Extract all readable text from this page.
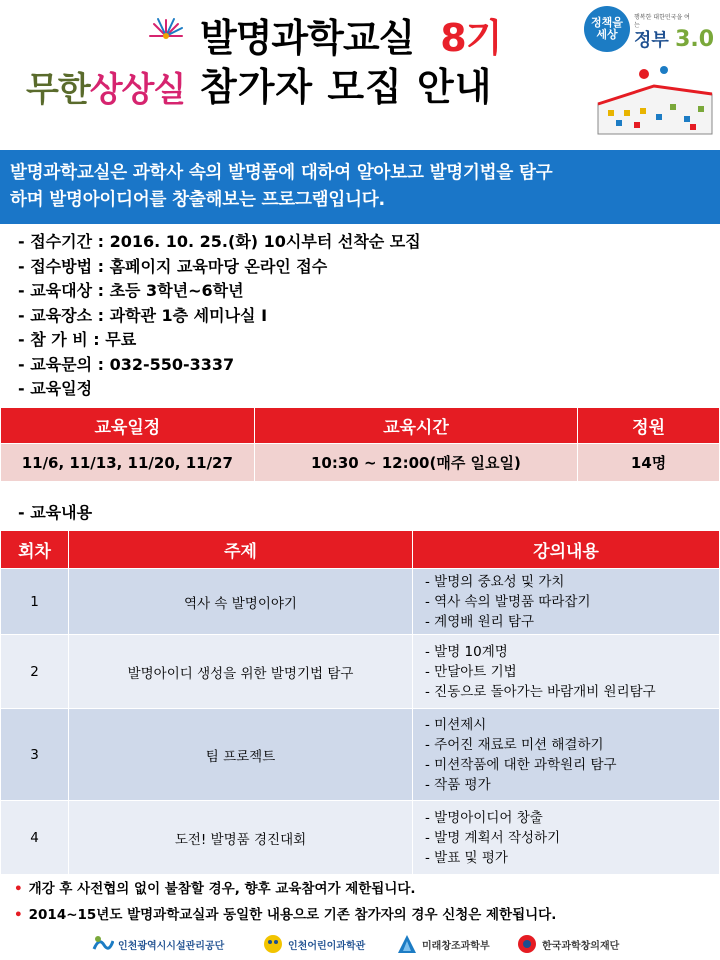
무한상상실
발명과학교실 8기
참가자 모집 안내
정책을 세상
행복한 대한민국을 여는
정부 3.0
발명과학교실은 과학사 속의 발명품에 대하여 알아보고 발명기법을 탐구
하며 발명아이디어를 창출해보는 프로그램입니다.
- 접수기간 : 2016. 10. 25.(화) 10시부터 선착순 모집
- 접수방법 : 홈페이지 교육마당 온라인 접수
- 교육대상 : 초등 3학년~6학년
- 교육장소 : 과학관 1층 세미나실 I
- 참 가 비 : 무료
- 교육문의 : 032-550-3337
- 교육일정
교육일정	교육시간	정원
11/6, 11/13, 11/20, 11/27	10:30 ~ 12:00(매주 일요일)	14명
- 교육내용
회차	주제	강의내용
1	역사 속 발명이야기	- 발명의 중요성 및 가치
- 역사 속의 발명품 따라잡기
- 계영배 원리 탐구

2	발명아이디 생성을 위한 발명기법 탐구	- 발명 10계명
- 만달아트 기법
- 진동으로 돌아가는 바람개비 원리탐구

3	팀 프로젝트	- 미션제시
- 주어진 재료로 미션 해결하기
- 미션작품에 대한 과학원리 탐구
- 작품 평가

4	도전! 발명품 경진대회	- 발명아이디어 창출
- 발명 계획서 작성하기
- 발표 및 평가
• 개강 후 사전협의 없이 불참할 경우, 향후 교육참여가 제한됩니다.
• 2014~15년도 발명과학교실과 동일한 내용으로 기존 참가자의 경우 신청은 제한됩니다.
인천광역시시설관리공단	인천어린이과학관	미래창조과학부	한국과학창의재단
